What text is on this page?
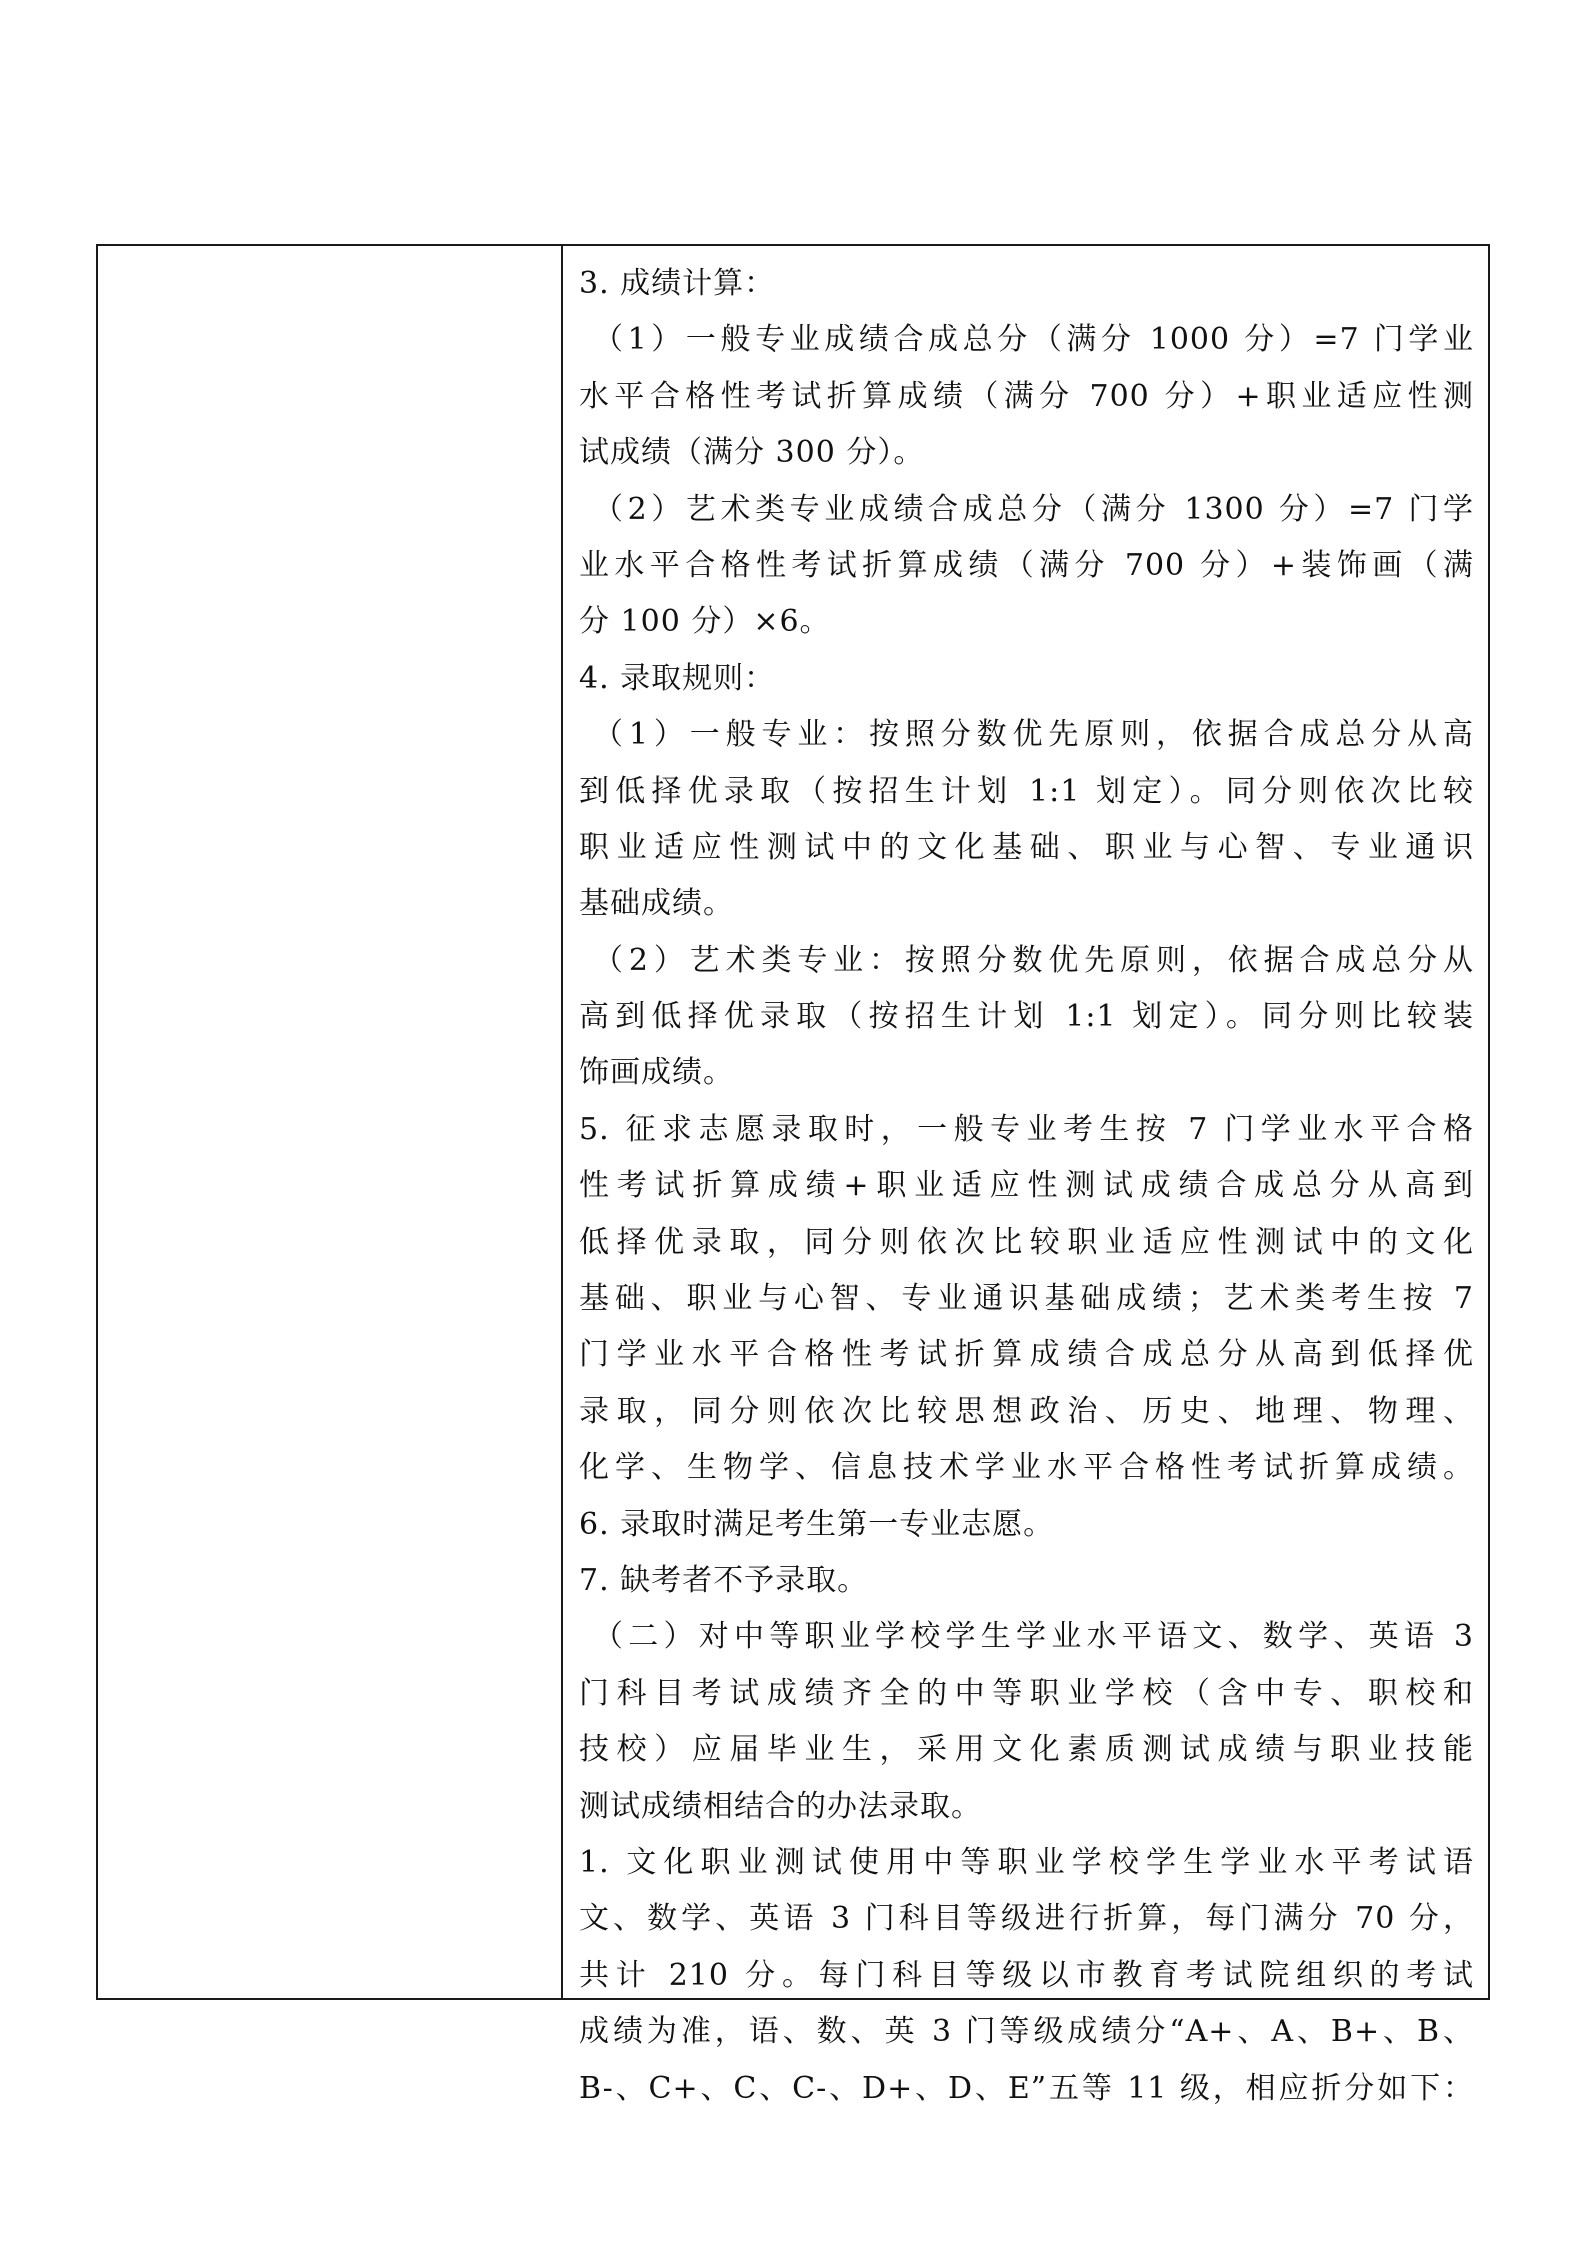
3. 成绩计算：
（1）一般专业成绩合成总分（满分 1000 分）=7 门学业
水平合格性考试折算成绩（满分 700 分）+职业适应性测
试成绩（满分 300 分）。
（2）艺术类专业成绩合成总分（满分 1300 分）=7 门学
业水平合格性考试折算成绩（满分 700 分）+装饰画（满
分 100 分）×6。
4. 录取规则：
（1）一般专业：按照分数优先原则，依据合成总分从高
到低择优录取（按招生计划 1:1 划定）。同分则依次比较
职业适应性测试中的文化基础、职业与心智、专业通识
基础成绩。
（2）艺术类专业：按照分数优先原则，依据合成总分从
高到低择优录取（按招生计划 1:1 划定）。同分则比较装
饰画成绩。
5. 征求志愿录取时，一般专业考生按 7 门学业水平合格
性考试折算成绩+职业适应性测试成绩合成总分从高到
低择优录取，同分则依次比较职业适应性测试中的文化
基础、职业与心智、专业通识基础成绩；艺术类考生按 7
门学业水平合格性考试折算成绩合成总分从高到低择优
录取，同分则依次比较思想政治、历史、地理、物理、
化学、生物学、信息技术学业水平合格性考试折算成绩。
6. 录取时满足考生第一专业志愿。
7. 缺考者不予录取。
（二）对中等职业学校学生学业水平语文、数学、英语 3
门科目考试成绩齐全的中等职业学校（含中专、职校和
技校）应届毕业生，采用文化素质测试成绩与职业技能
测试成绩相结合的办法录取。
1. 文化职业测试使用中等职业学校学生学业水平考试语
文、数学、英语 3 门科目等级进行折算，每门满分 70 分，
共计 210 分。每门科目等级以市教育考试院组织的考试
成绩为准，语、数、英 3 门等级成绩分“A+、A、B+、B、
B-、C+、C、C-、D+、D、E”五等 11 级，相应折分如下：
